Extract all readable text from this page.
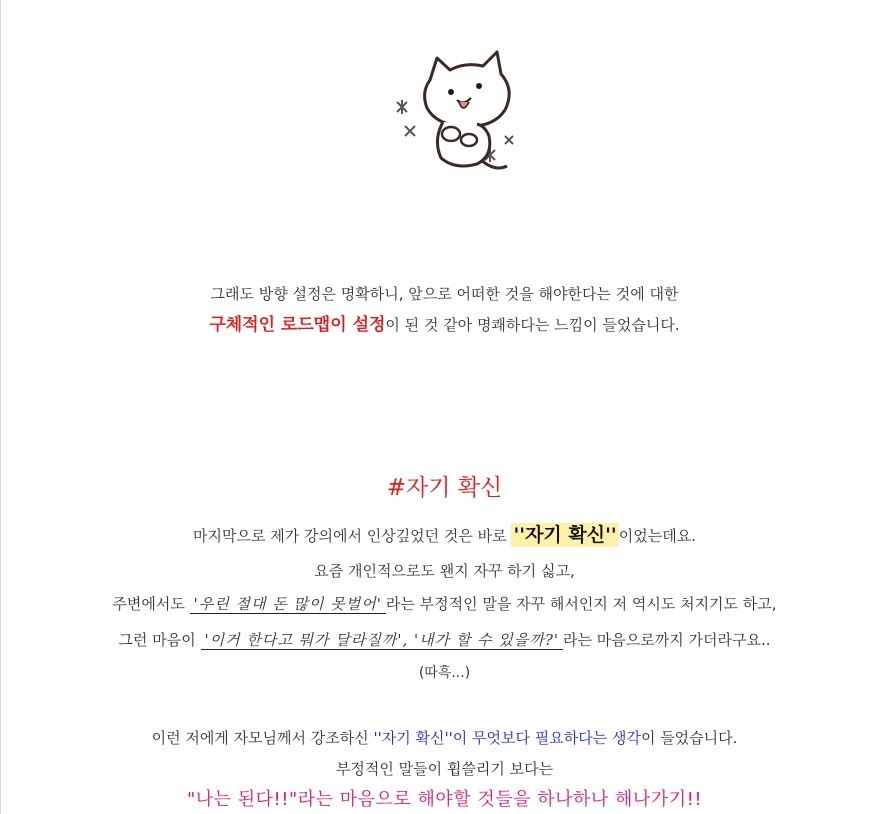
그래도 방향 설정은 명확하니, 앞으로 어떠한 것을 해야한다는 것에 대한
구체적인 로드맵이 설정이 된 것 같아 명쾌하다는 느낌이 들었습니다.
#자기 확신
마지막으로 제가 강의에서 인상깊었던 것은 바로 ''자기 확신'' 이었는데요.
요즘 개인적으로도 왠지 자꾸 하기 싫고,
주변에서도 '우린 절대 돈 많이 못벌어' 라는 부정적인 말을 자꾸 해서인지 저 역시도 처지기도 하고,
그런 마음이 '이거 한다고 뭐가 달라질까', '내가 할 수 있을까?' 라는 마음으로까지 가더라구요..
(따흑...)
이런 저에게 자모님께서 강조하신 ''자기 확신''이 무엇보다 필요하다는 생각이 들었습니다.
부정적인 말들이 휩쓸리기 보다는
"나는 된다!!"라는 마음으로 해야할 것들을 하나하나 해나가기!!
